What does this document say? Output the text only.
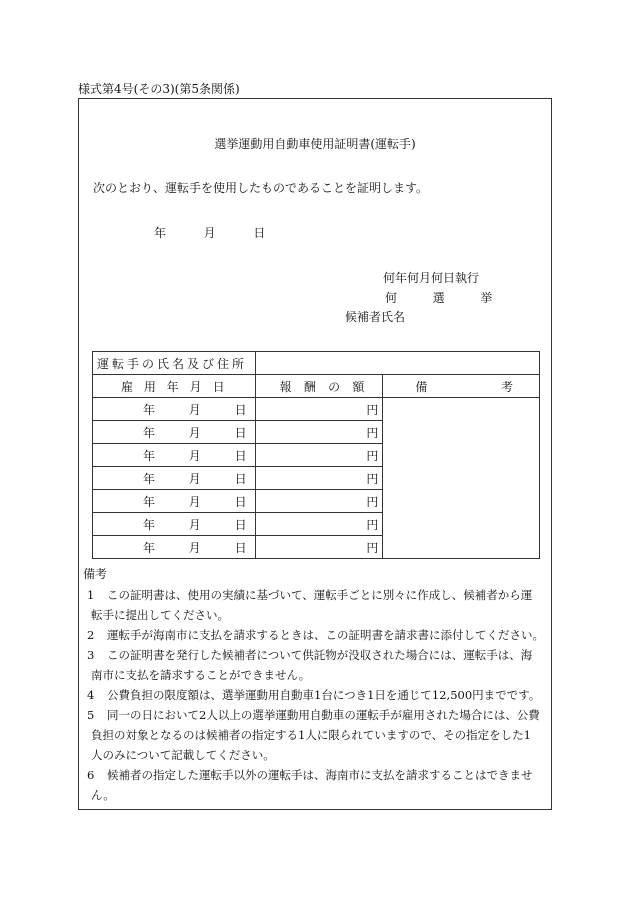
様式第4号(その3)(第5条関係)
選挙運動用自動車使用証明書(運転手)
次のとおり、運転手を使用したものであることを証明します。
年	月	日
何年何月何日執行
何	選	挙
候補者氏名
運転手の氏名及び住所		

雇 用 年 月 日	報 酬 の 額	備 考

年 月 日	円	

年 月 日	円	

年 月 日	円	

年 月 日	円	

年 月 日	円	

年 月 日	円	

年 月 日	円	
備考
1 この証明書は、使用の実績に基づいて、運転手ごとに別々に作成し、候補者から運
転手に提出してください。
2 運転手が海南市に支払を請求するときは、この証明書を請求書に添付してください。
3 この証明書を発行した候補者について供託物が没収された場合には、運転手は、海
南市に支払を請求することができません。
4 公費負担の限度額は、選挙運動用自動車1台につき1日を通じて12,500円までです。
5 同一の日において2人以上の選挙運動用自動車の運転手が雇用された場合には、公費
負担の対象となるのは候補者の指定する1人に限られていますので、その指定をした1
人のみについて記載してください。
6 候補者の指定した運転手以外の運転手は、海南市に支払を請求することはできませ
ん。
